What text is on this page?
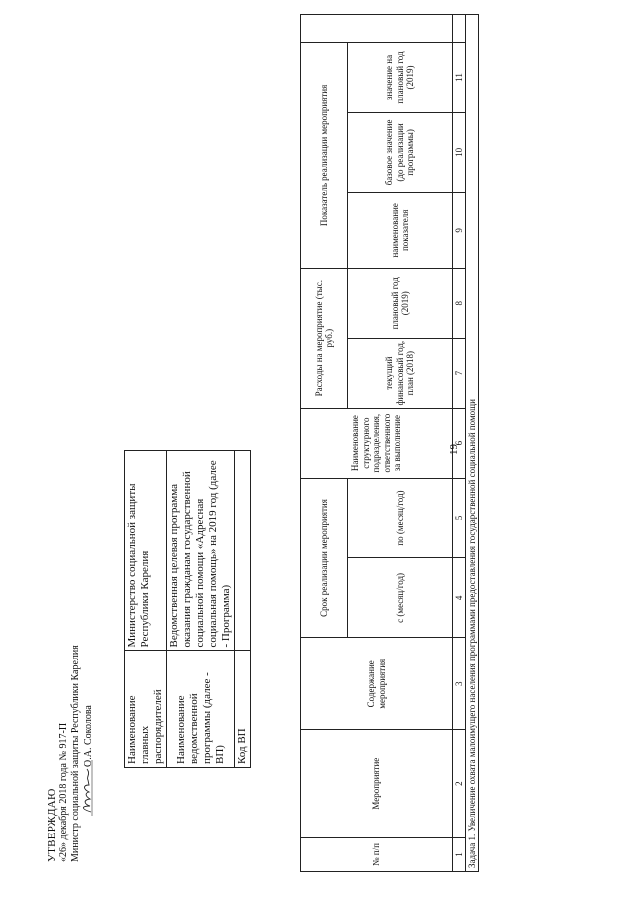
УТВЕРЖДАЮ «26» декабря 2018 года № 917-П Министр социальной защиты Республики Карелия О.А. Соколова	Наименование главных распорядителей	Министерство социальной защиты Республики Карелия
Наименование ведомственной программы (далее - ВП)	Ведомственная целевая программа оказания гражданам государственной социальной помощи «Адресная социальная помощь» на 2019 год (далее - Программа)
Код ВП	
№ п/п	Мероприятие	Содержание мероприятия	Срок реализации мероприятия		Наименование структурного подразделения, ответственного за выполнение	Расходы на мероприятие (тыс. руб.)		Показатель реализации мероприятия			
			с (месяц/год)	по (месяц/год)		текущий финансовый год, план (2018)	плановый год (2019)	наименование показателя	базовое значение (до реализации программы)	значение на плановый год (2019)	
1	2	3	4	5	6	7	8	9	10	11	
Задача 1. Увеличение охвата малоимущего населения программами предоставления государственной социальной помощи											
19
